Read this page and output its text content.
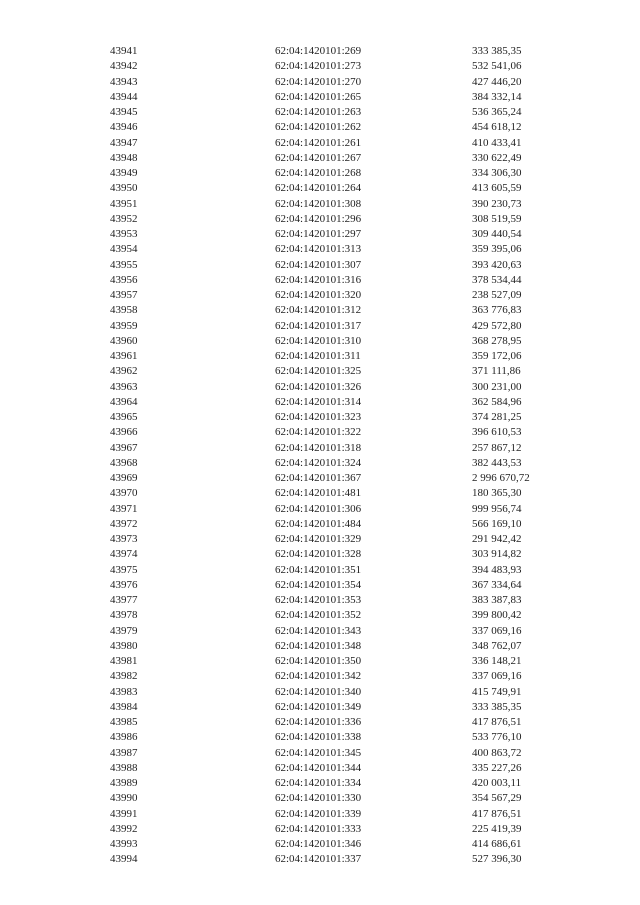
43941	62:04:1420101:269	333 385,35
43942	62:04:1420101:273	532 541,06
43943	62:04:1420101:270	427 446,20
43944	62:04:1420101:265	384 332,14
43945	62:04:1420101:263	536 365,24
43946	62:04:1420101:262	454 618,12
43947	62:04:1420101:261	410 433,41
43948	62:04:1420101:267	330 622,49
43949	62:04:1420101:268	334 306,30
43950	62:04:1420101:264	413 605,59
43951	62:04:1420101:308	390 230,73
43952	62:04:1420101:296	308 519,59
43953	62:04:1420101:297	309 440,54
43954	62:04:1420101:313	359 395,06
43955	62:04:1420101:307	393 420,63
43956	62:04:1420101:316	378 534,44
43957	62:04:1420101:320	238 527,09
43958	62:04:1420101:312	363 776,83
43959	62:04:1420101:317	429 572,80
43960	62:04:1420101:310	368 278,95
43961	62:04:1420101:311	359 172,06
43962	62:04:1420101:325	371 111,86
43963	62:04:1420101:326	300 231,00
43964	62:04:1420101:314	362 584,96
43965	62:04:1420101:323	374 281,25
43966	62:04:1420101:322	396 610,53
43967	62:04:1420101:318	257 867,12
43968	62:04:1420101:324	382 443,53
43969	62:04:1420101:367	2 996 670,72
43970	62:04:1420101:481	180 365,30
43971	62:04:1420101:306	999 956,74
43972	62:04:1420101:484	566 169,10
43973	62:04:1420101:329	291 942,42
43974	62:04:1420101:328	303 914,82
43975	62:04:1420101:351	394 483,93
43976	62:04:1420101:354	367 334,64
43977	62:04:1420101:353	383 387,83
43978	62:04:1420101:352	399 800,42
43979	62:04:1420101:343	337 069,16
43980	62:04:1420101:348	348 762,07
43981	62:04:1420101:350	336 148,21
43982	62:04:1420101:342	337 069,16
43983	62:04:1420101:340	415 749,91
43984	62:04:1420101:349	333 385,35
43985	62:04:1420101:336	417 876,51
43986	62:04:1420101:338	533 776,10
43987	62:04:1420101:345	400 863,72
43988	62:04:1420101:344	335 227,26
43989	62:04:1420101:334	420 003,11
43990	62:04:1420101:330	354 567,29
43991	62:04:1420101:339	417 876,51
43992	62:04:1420101:333	225 419,39
43993	62:04:1420101:346	414 686,61
43994	62:04:1420101:337	527 396,30
